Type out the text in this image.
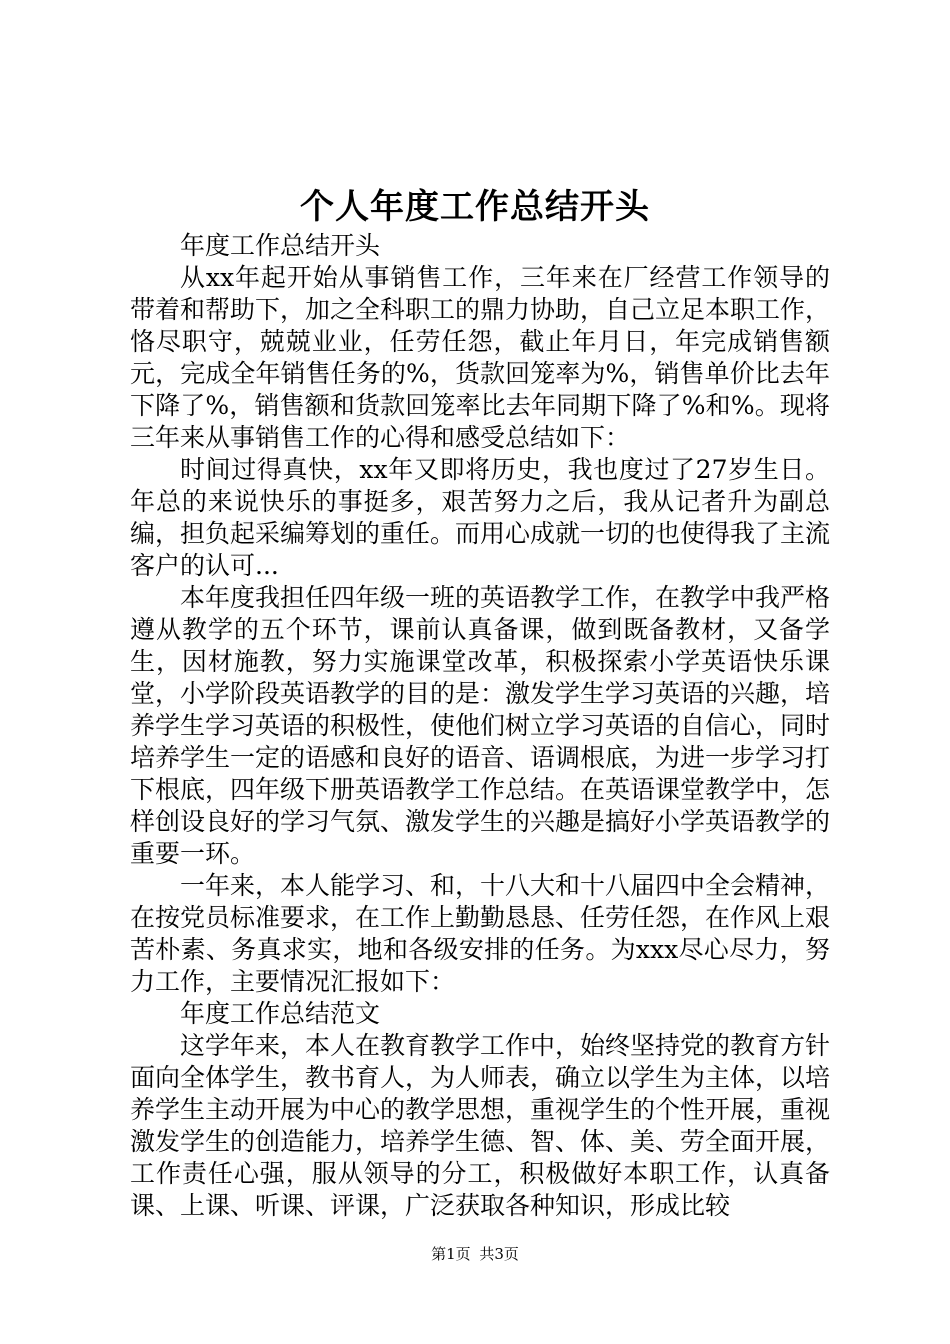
个人年度工作总结开头

年度工作总结开头

从xx年起开始从事销售工作，三年来在厂经营工作领导的带着和帮助下，加之全科职工的鼎力协助，自己立足本职工作，恪尽职守，兢兢业业，任劳任怨，截止年月日，年完成销售额元，完成全年销售任务的%，货款回笼率为%，销售单价比去年下降了%，销售额和货款回笼率比去年同期下降了%和%。现将三年来从事销售工作的心得和感受总结如下：

时间过得真快，xx年又即将历史，我也度过了27岁生日。年总的来说快乐的事挺多，艰苦努力之后，我从记者升为副总编，担负起采编筹划的重任。而用心成就一切的也使得我了主流客户的认可...

本年度我担任四年级一班的英语教学工作，在教学中我严格遵从教学的五个环节，课前认真备课，做到既备教材，又备学生，因材施教，努力实施课堂改革，积极探索小学英语快乐课堂，小学阶段英语教学的目的是：激发学生学习英语的兴趣，培养学生学习英语的积极性，使他们树立学习英语的自信心，同时培养学生一定的语感和良好的语音、语调根底，为进一步学习打下根底，四年级下册英语教学工作总结。在英语课堂教学中，怎样创设良好的学习气氛、激发学生的兴趣是搞好小学英语教学的重要一环。

一年来，本人能学习、和，十八大和十八届四中全会精神，在按党员标准要求，在工作上勤勤恳恳、任劳任怨，在作风上艰苦朴素、务真求实，地和各级安排的任务。为xxx尽心尽力，努力工作，主要情况汇报如下：

年度工作总结范文

这学年来，本人在教育教学工作中，始终坚持党的教育方针面向全体学生，教书育人，为人师表，确立以学生为主体，以培养学生主动开展为中心的教学思想，重视学生的个性开展，重视激发学生的创造能力，培养学生德、智、体、美、劳全面开展，工作责任心强，服从领导的分工，积极做好本职工作，认真备课、上课、听课、评课，广泛获取各种知识，形成比较

第1页 共3页
